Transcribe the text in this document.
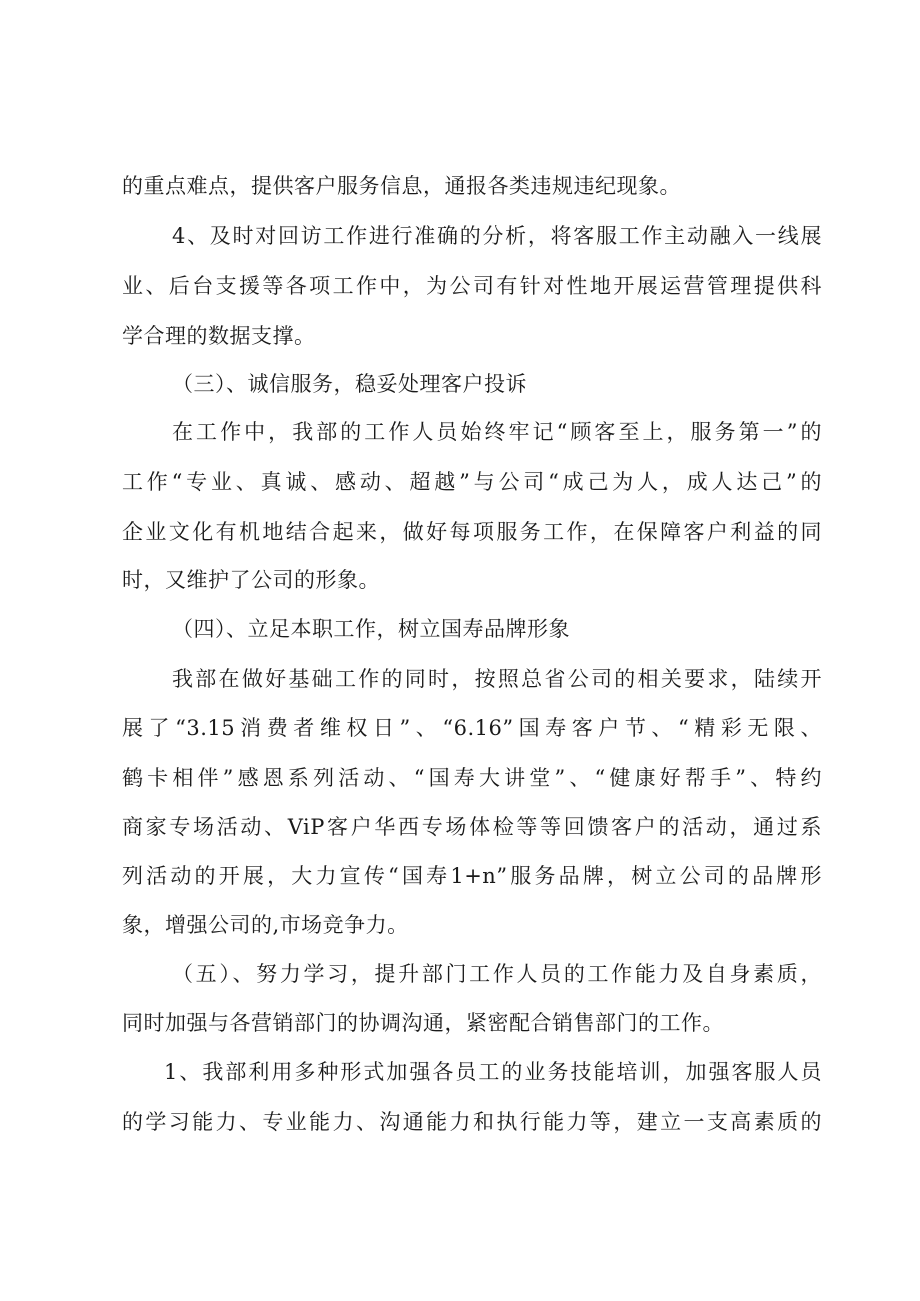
的重点难点，提供客户服务信息，通报各类违规违纪现象。
4、及时对回访工作进行准确的分析，将客服工作主动融入一线展
业、后台支援等各项工作中，为公司有针对性地开展运营管理提供科
学合理的数据支撑。
（三）、诚信服务，稳妥处理客户投诉
在工作中，我部的工作人员始终牢记“顾客至上，服务第一”的
工作“专业、真诚、感动、超越”与公司“成己为人，成人达己”的
企业文化有机地结合起来，做好每项服务工作，在保障客户利益的同
时，又维护了公司的形象。
（四）、立足本职工作，树立国寿品牌形象
我部在做好基础工作的同时，按照总省公司的相关要求，陆续开
展了“3.15消费者维权日”、“6.16”国寿客户节、“精彩无限、
鹤卡相伴”感恩系列活动、“国寿大讲堂”、“健康好帮手”、特约
商家专场活动、ViP客户华西专场体检等等回馈客户的活动，通过系
列活动的开展，大力宣传“国寿1+n”服务品牌，树立公司的品牌形
象，增强公司的,市场竞争力。
（五）、努力学习，提升部门工作人员的工作能力及自身素质，
同时加强与各营销部门的协调沟通，紧密配合销售部门的工作。
1、我部利用多种形式加强各员工的业务技能培训，加强客服人员
的学习能力、专业能力、沟通能力和执行能力等，建立一支高素质的
